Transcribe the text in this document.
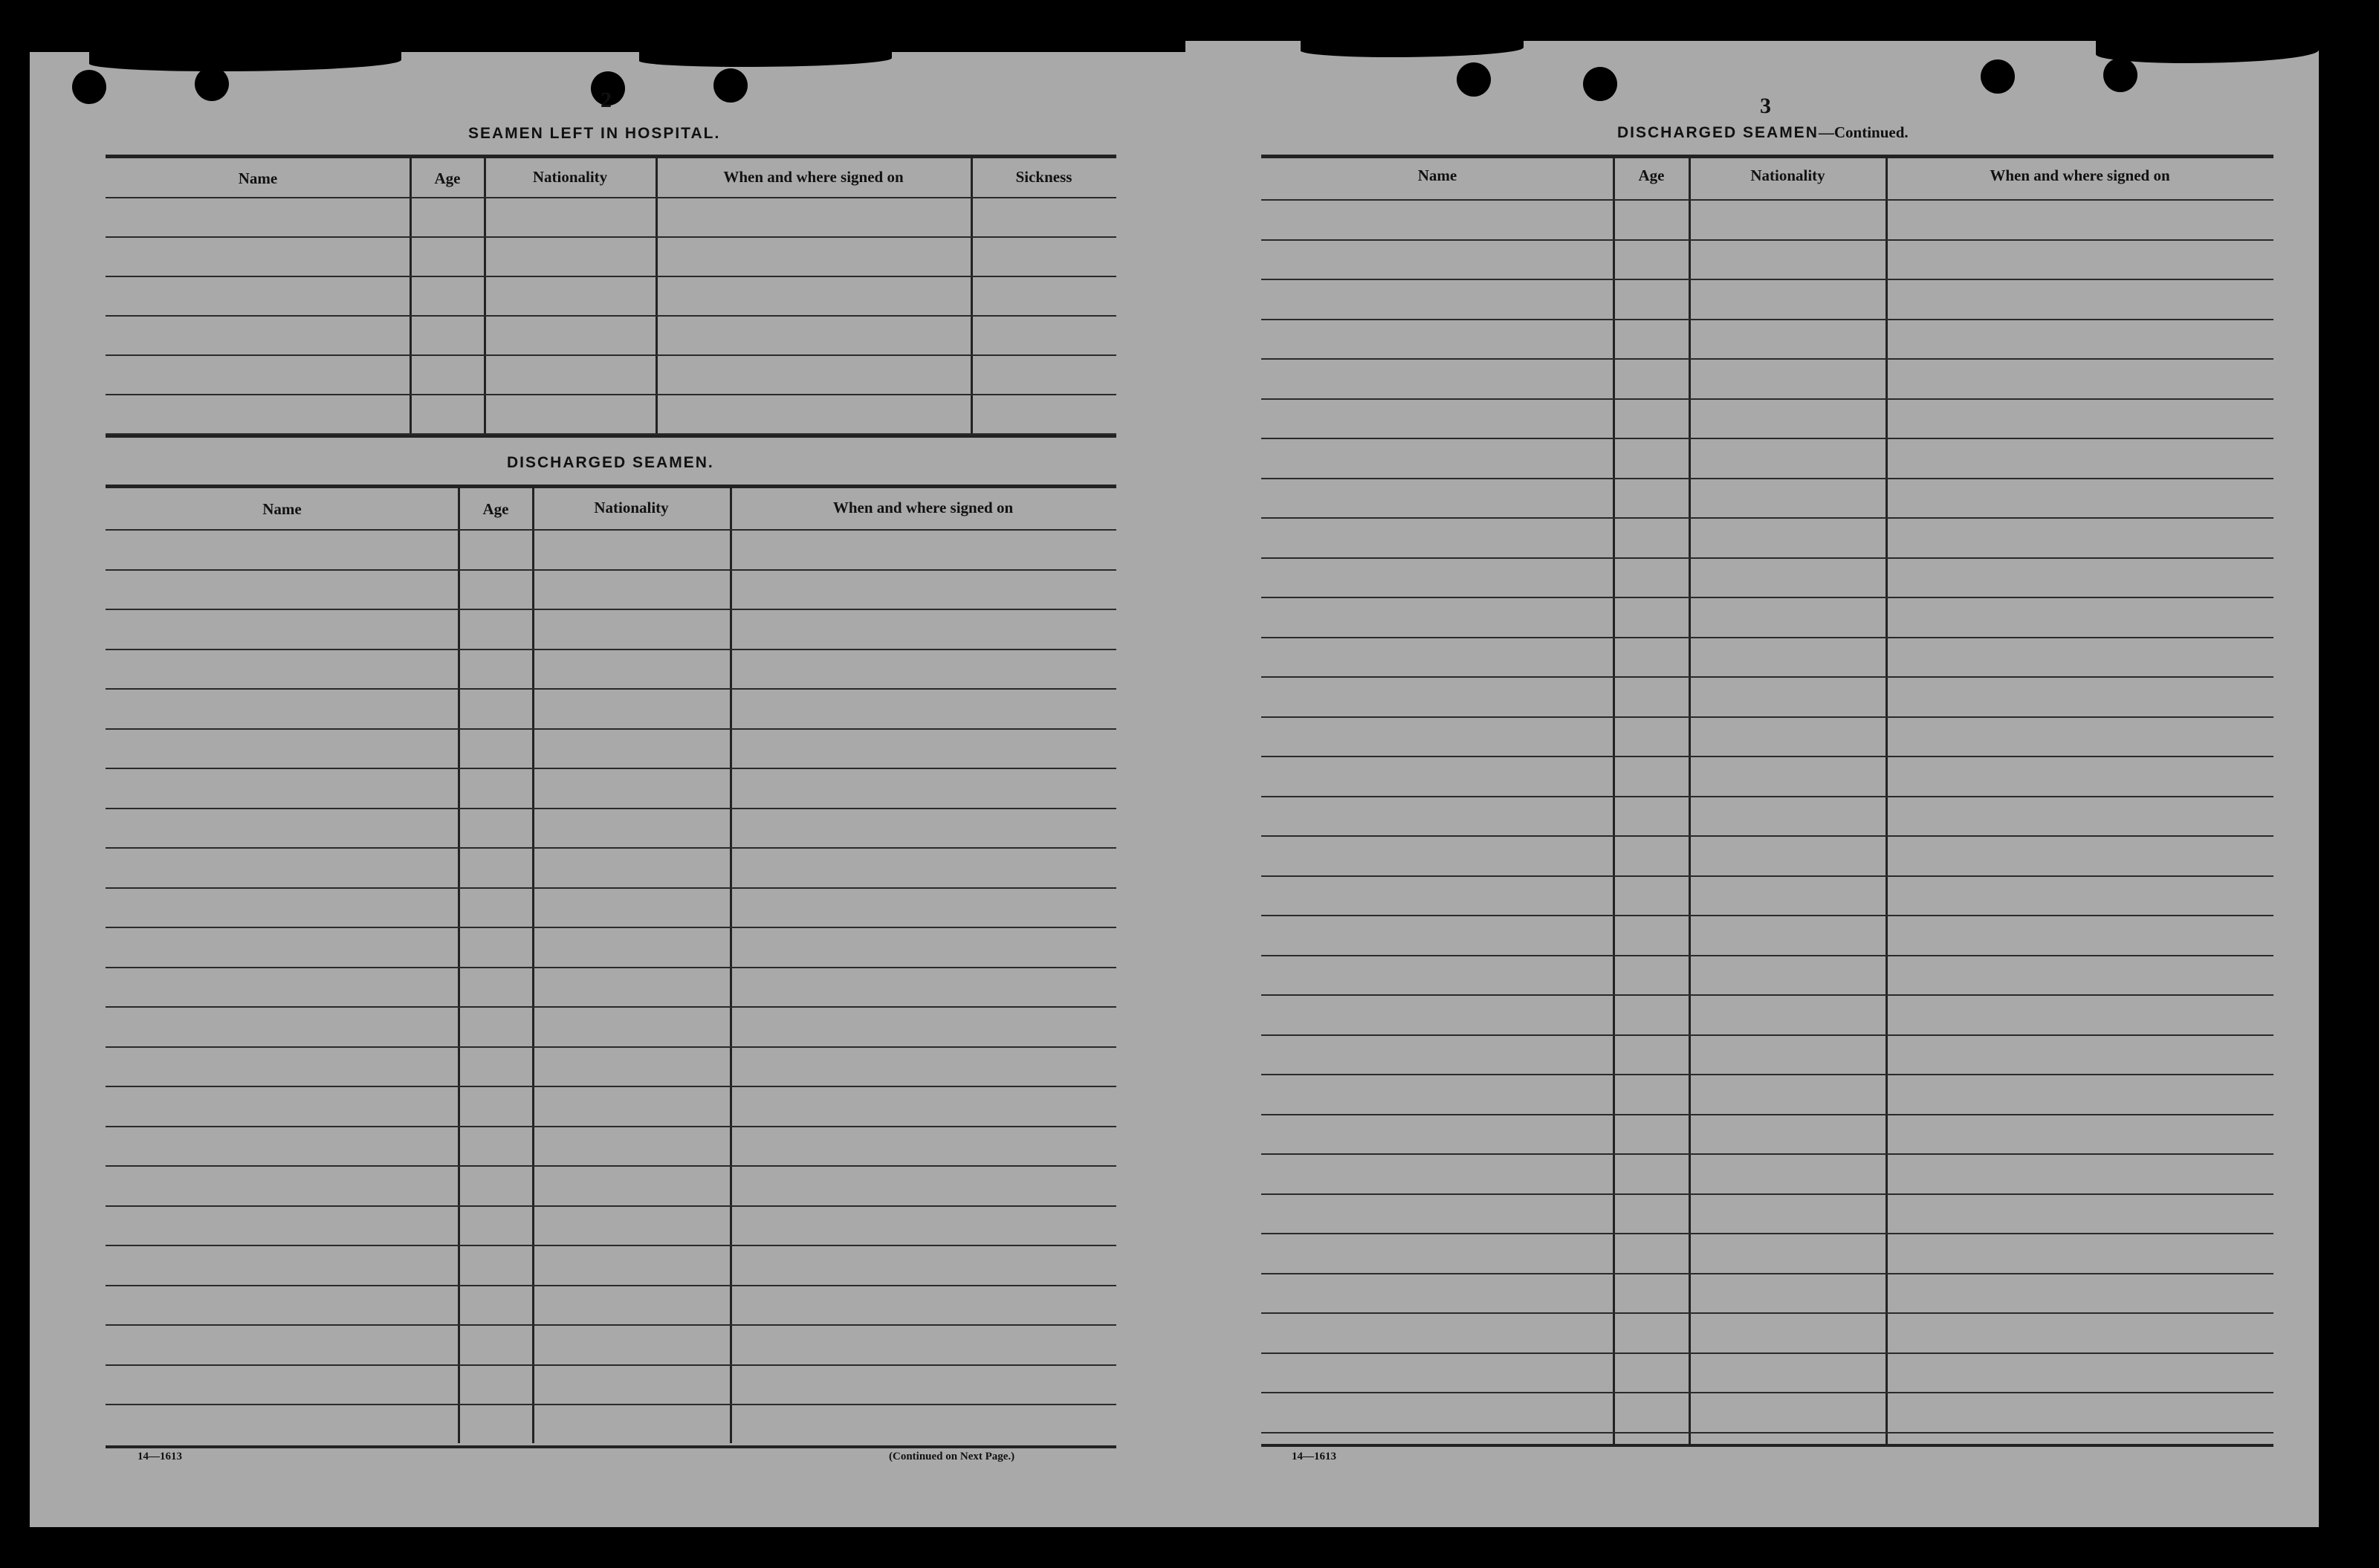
2
SEAMEN LEFT IN HOSPITAL.
Name	Age	Nationality	When and where signed on	Sickness
DISCHARGED SEAMEN.
Name	Age	Nationality	When and where signed on
14—1613	(Continued on Next Page.)
3
DISCHARGED SEAMEN—Continued.
Name	Age	Nationality	When and where signed on
14—1613
